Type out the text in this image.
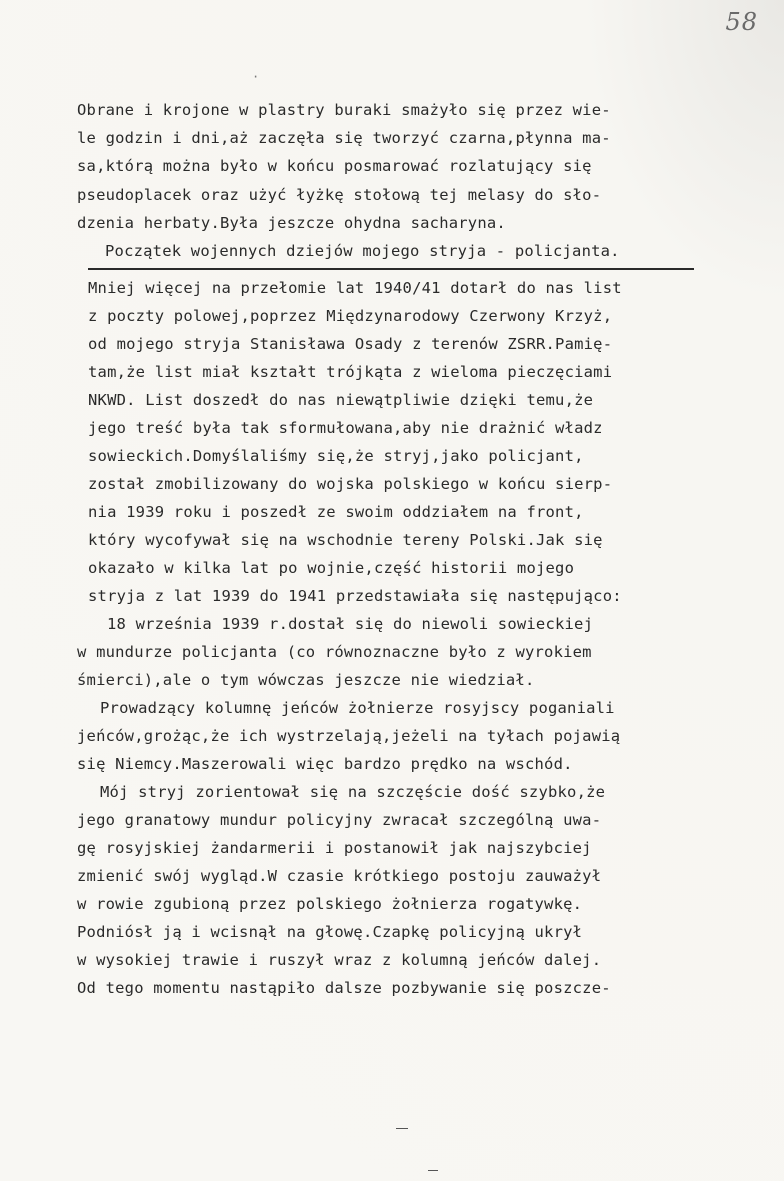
58
·
Obrane i krojone w plastry buraki smażyło się przez wie-
le godzin i dni,aż zaczęła się tworzyć czarna,płynna ma-
sa,którą można było w końcu posmarować rozlatujący się
pseudoplacek oraz użyć łyżkę stołową tej melasy do sło-
dzenia herbaty.Była jeszcze ohydna sacharyna.
Początek wojennych dziejów mojego stryja - policjanta.
Mniej więcej na przełomie lat 1940/41 dotarł do nas list
z poczty polowej,poprzez Międzynarodowy Czerwony Krzyż,
od mojego stryja Stanisława Osady z terenów ZSRR.Pamię-
tam,że list miał kształt trójkąta z wieloma pieczęciami
NKWD. List doszedł do nas niewątpliwie dzięki temu,że
jego treść była tak sformułowana,aby nie drażnić władz
sowieckich.Domyślaliśmy się,że stryj,jako policjant,
został zmobilizowany do wojska polskiego w końcu sierp-
nia 1939 roku i poszedł ze swoim oddziałem na front,
który wycofywał się na wschodnie tereny Polski.Jak się
okazało w kilka lat po wojnie,część historii mojego
stryja z lat 1939 do 1941 przedstawiała się następująco:
18 września 1939 r.dostał się do niewoli sowieckiej
w mundurze policjanta (co równoznaczne było z wyrokiem
śmierci),ale o tym wówczas jeszcze nie wiedział.
Prowadzący kolumnę jeńców żołnierze rosyjscy poganiali
jeńców,grożąc,że ich wystrzelają,jeżeli na tyłach pojawią
się Niemcy.Maszerowali więc bardzo prędko na wschód.
Mój stryj zorientował się na szczęście dość szybko,że
jego granatowy mundur policyjny zwracał szczególną uwa-
gę rosyjskiej żandarmerii i postanowił jak najszybciej
zmienić swój wygląd.W czasie krótkiego postoju zauważył
w rowie zgubioną przez polskiego żołnierza rogatywkę.
Podniósł ją i wcisnął na głowę.Czapkę policyjną ukrył
w wysokiej trawie i ruszył wraz z kolumną jeńców dalej.
Od tego momentu nastąpiło dalsze pozbywanie się poszcze-
